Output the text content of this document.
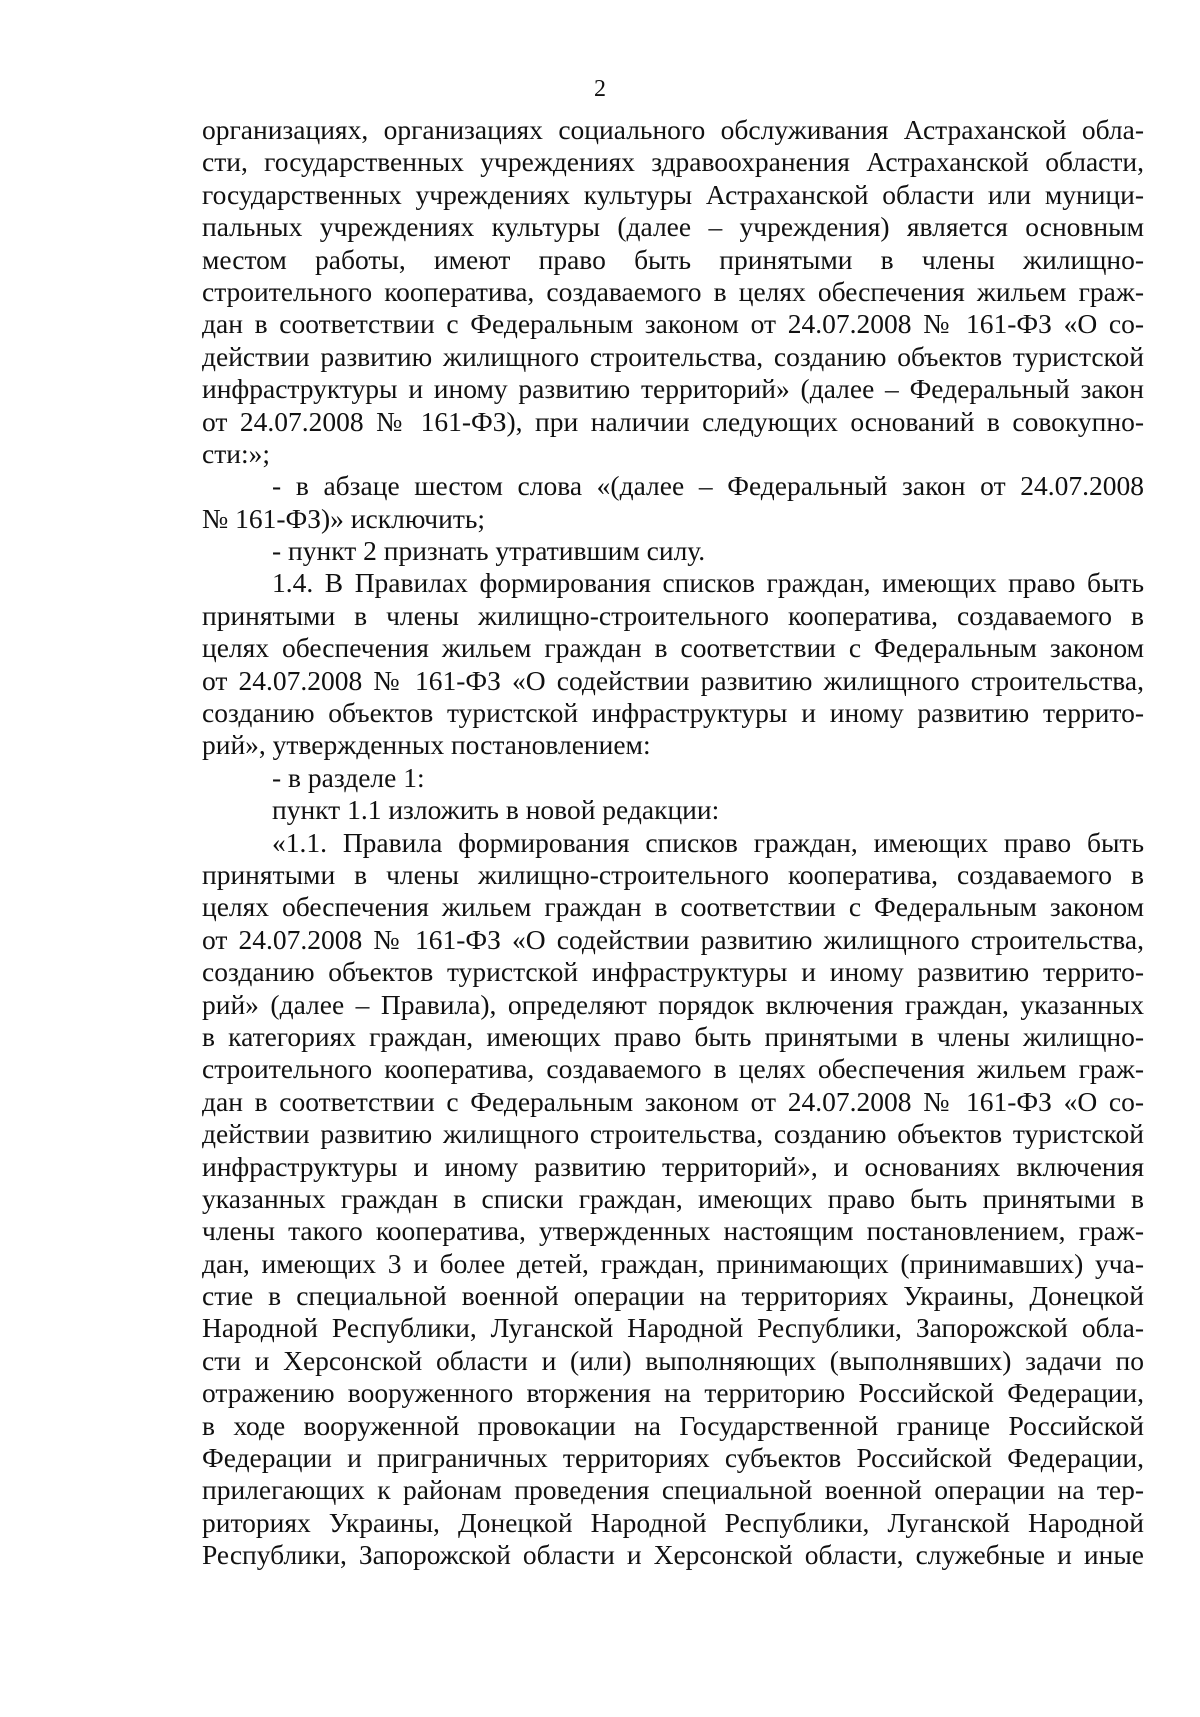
2
организациях, организациях социального обслуживания Астраханской обла-
сти, государственных учреждениях здравоохранения Астраханской области,
государственных учреждениях культуры Астраханской области или муници-
пальных учреждениях культуры (далее – учреждения) является основным
местом работы, имеют право быть принятыми в члены жилищно-
строительного кооператива, создаваемого в целях обеспечения жильем граж-
дан в соответствии с Федеральным законом от 24.07.2008 № 161-ФЗ «О со-
действии развитию жилищного строительства, созданию объектов туристской
инфраструктуры и иному развитию территорий» (далее – Федеральный закон
от 24.07.2008 № 161-ФЗ), при наличии следующих оснований в совокупно-
сти:»;
- в абзаце шестом слова «(далее – Федеральный закон от 24.07.2008
№ 161-ФЗ)» исключить;
- пункт 2 признать утратившим силу.
1.4. В Правилах формирования списков граждан, имеющих право быть
принятыми в члены жилищно-строительного кооператива, создаваемого в
целях обеспечения жильем граждан в соответствии с Федеральным законом
от 24.07.2008 № 161-ФЗ «О содействии развитию жилищного строительства,
созданию объектов туристской инфраструктуры и иному развитию террито-
рий», утвержденных постановлением:
- в разделе 1:
пункт 1.1 изложить в новой редакции:
«1.1. Правила формирования списков граждан, имеющих право быть
принятыми в члены жилищно-строительного кооператива, создаваемого в
целях обеспечения жильем граждан в соответствии с Федеральным законом
от 24.07.2008 № 161-ФЗ «О содействии развитию жилищного строительства,
созданию объектов туристской инфраструктуры и иному развитию террито-
рий» (далее – Правила), определяют порядок включения граждан, указанных
в категориях граждан, имеющих право быть принятыми в члены жилищно-
строительного кооператива, создаваемого в целях обеспечения жильем граж-
дан в соответствии с Федеральным законом от 24.07.2008 № 161-ФЗ «О со-
действии развитию жилищного строительства, созданию объектов туристской
инфраструктуры и иному развитию территорий», и основаниях включения
указанных граждан в списки граждан, имеющих право быть принятыми в
члены такого кооператива, утвержденных настоящим постановлением, граж-
дан, имеющих 3 и более детей, граждан, принимающих (принимавших) уча-
стие в специальной военной операции на территориях Украины, Донецкой
Народной Республики, Луганской Народной Республики, Запорожской обла-
сти и Херсонской области и (или) выполняющих (выполнявших) задачи по
отражению вооруженного вторжения на территорию Российской Федерации,
в ходе вооруженной провокации на Государственной границе Российской
Федерации и приграничных территориях субъектов Российской Федерации,
прилегающих к районам проведения специальной военной операции на тер-
риториях Украины, Донецкой Народной Республики, Луганской Народной
Республики, Запорожской области и Херсонской области, служебные и иные
